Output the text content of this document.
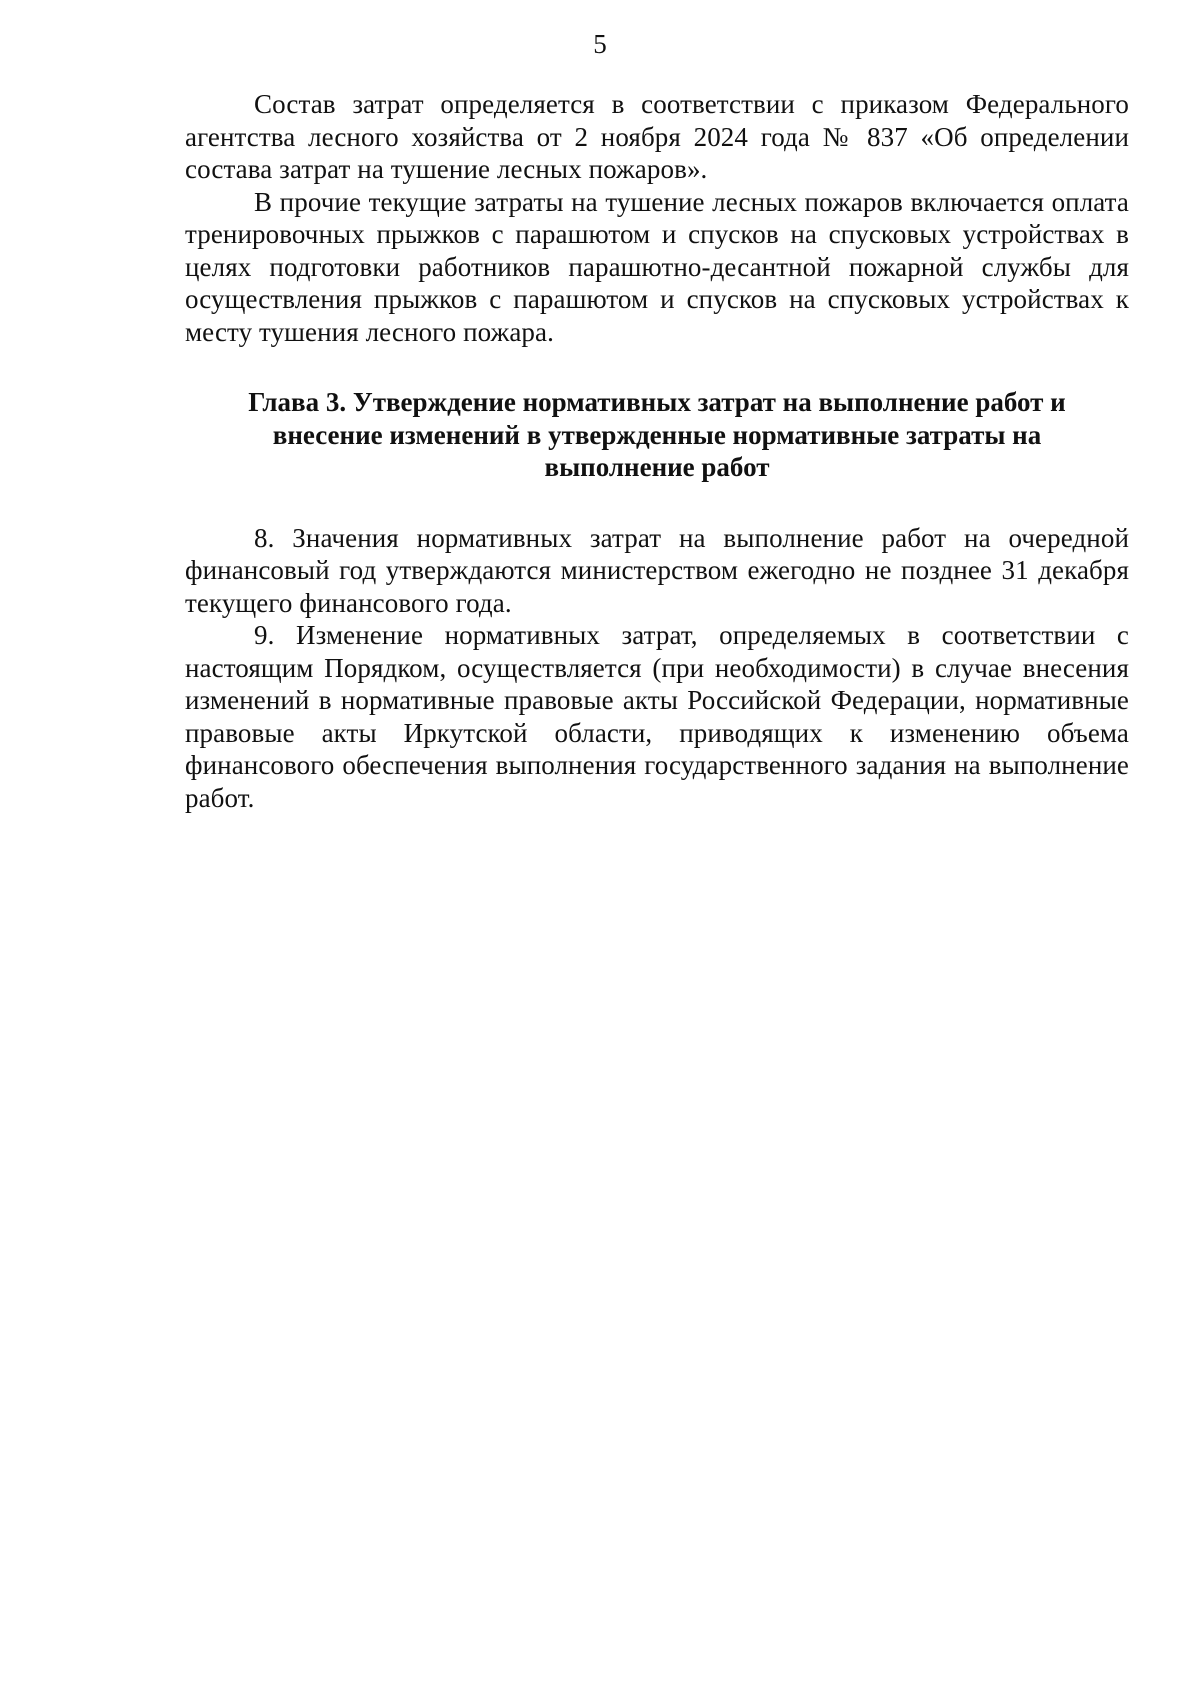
5

Состав затрат определяется в соответствии с приказом Федерального агентства лесного хозяйства от 2 ноября 2024 года № 837 «Об определении состава затрат на тушение лесных пожаров».

В прочие текущие затраты на тушение лесных пожаров включается оплата тренировочных прыжков с парашютом и спусков на спусковых устройствах в целях подготовки работников парашютно-десантной пожарной службы для осуществления прыжков с парашютом и спусков на спусковых устройствах к месту тушения лесного пожара.

Глава 3. Утверждение нормативных затрат на выполнение работ и
внесение изменений в утвержденные нормативные затраты на
выполнение работ

8. Значения нормативных затрат на выполнение работ на очередной финансовый год утверждаются министерством ежегодно не позднее 31 декабря текущего финансового года.

9. Изменение нормативных затрат, определяемых в соответствии с настоящим Порядком, осуществляется (при необходимости) в случае внесения изменений в нормативные правовые акты Российской Федерации, нормативные правовые акты Иркутской области, приводящих к изменению объема финансового обеспечения выполнения государственного задания на выполнение работ.
